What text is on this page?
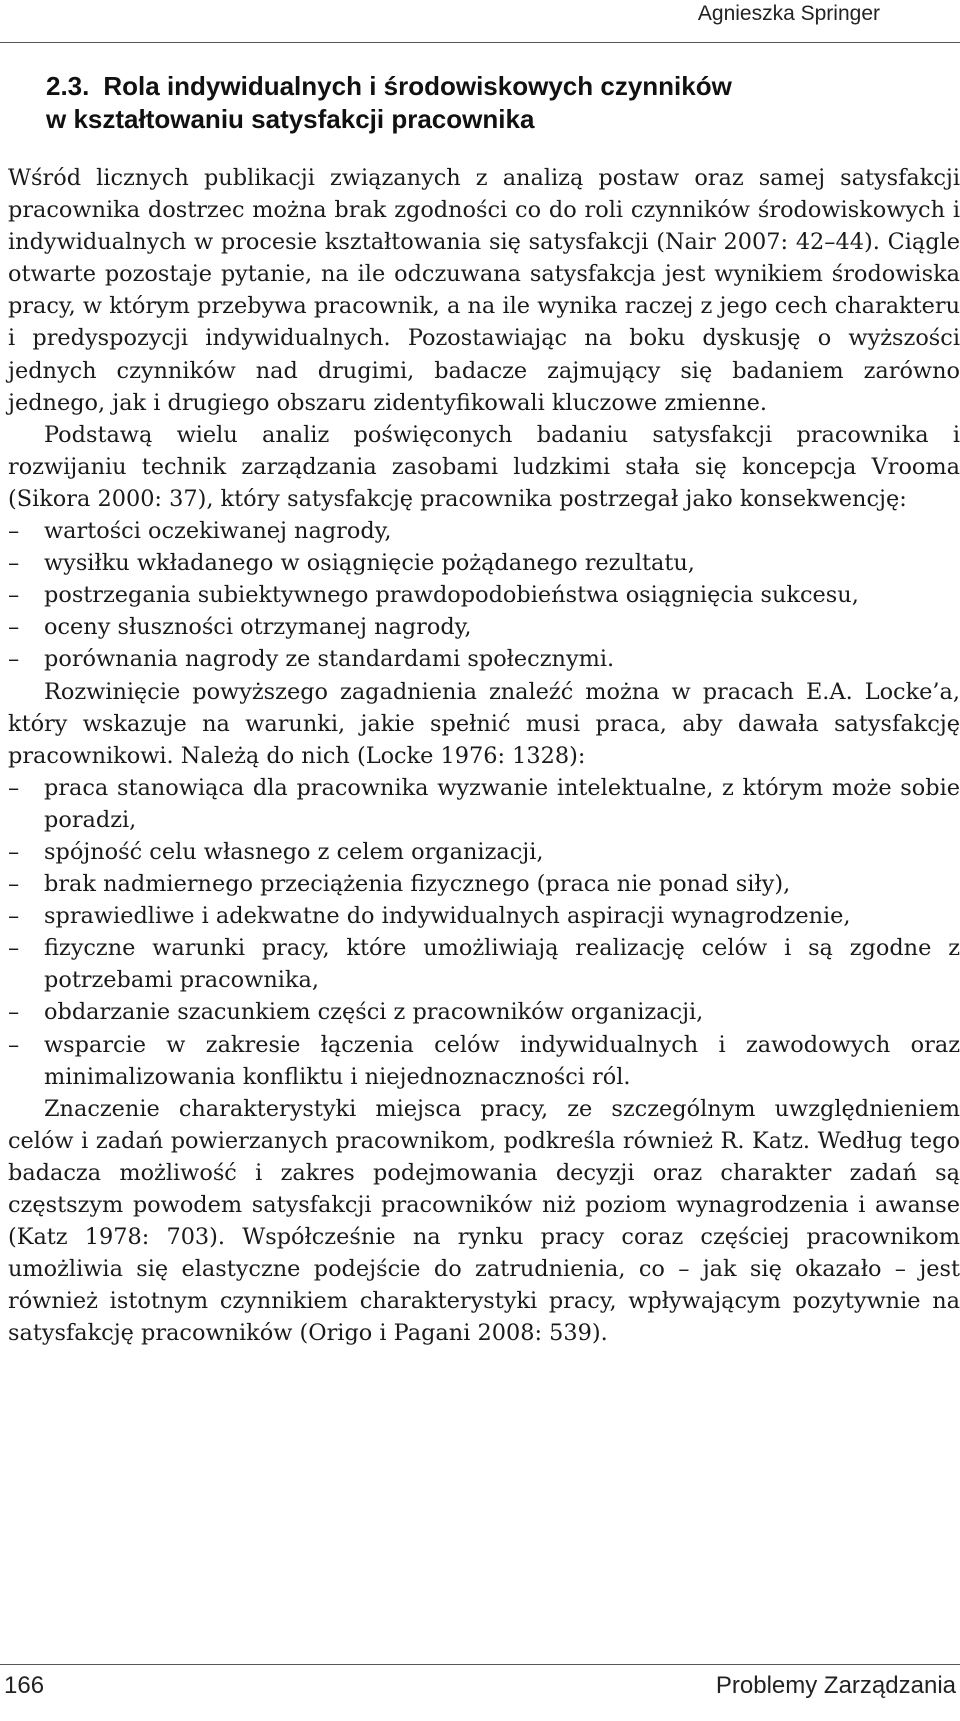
Agnieszka Springer
2.3. Rola indywidualnych i środowiskowych czynników
w kształtowaniu satysfakcji pracownika

Wśród licznych publikacji związanych z analizą postaw oraz samej satysfakcji pracownika dostrzec można brak zgodności co do roli czynników środowiskowych i indywidualnych w procesie kształtowania się satysfakcji (Nair 2007: 42–44). Ciągle otwarte pozostaje pytanie, na ile odczuwana satysfakcja jest wynikiem środowiska pracy, w którym przebywa pracownik, a na ile wynika raczej z jego cech charakteru i predyspozycji indywidualnych. Pozostawiając na boku dyskusję o wyższości jednych czynników nad drugimi, badacze zajmujący się badaniem zarówno jednego, jak i drugiego obszaru zidentyfikowali kluczowe zmienne.

Podstawą wielu analiz poświęconych badaniu satysfakcji pracownika i rozwijaniu technik zarządzania zasobami ludzkimi stała się koncepcja Vrooma (Sikora 2000: 37), który satysfakcję pracownika postrzegał jako konsekwencję:

– wartości oczekiwanej nagrody,
– wysiłku wkładanego w osiągnięcie pożądanego rezultatu,
– postrzegania subiektywnego prawdopodobieństwa osiągnięcia sukcesu,
– oceny słuszności otrzymanej nagrody,
– porównania nagrody ze standardami społecznymi.

Rozwinięcie powyższego zagadnienia znaleźć można w pracach E.A. Locke’a, który wskazuje na warunki, jakie spełnić musi praca, aby dawała satysfakcję pracownikowi. Należą do nich (Locke 1976: 1328):

– praca stanowiąca dla pracownika wyzwanie intelektualne, z którym może sobie poradzi,
– spójność celu własnego z celem organizacji,
– brak nadmiernego przeciążenia fizycznego (praca nie ponad siły),
– sprawiedliwe i adekwatne do indywidualnych aspiracji wynagrodzenie,
– fizyczne warunki pracy, które umożliwiają realizację celów i są zgodne z potrzebami pracownika,
– obdarzanie szacunkiem części z pracowników organizacji,
– wsparcie w zakresie łączenia celów indywidualnych i zawodowych oraz minimalizowania konfliktu i niejednoznaczności ról.

Znaczenie charakterystyki miejsca pracy, ze szczególnym uwzględnieniem celów i zadań powierzanych pracownikom, podkreśla również R. Katz. Według tego badacza możliwość i zakres podejmowania decyzji oraz charakter zadań są częstszym powodem satysfakcji pracowników niż poziom wynagrodzenia i awanse (Katz 1978: 703). Współcześnie na rynku pracy coraz częściej pracownikom umożliwia się elastyczne podejście do zatrudnienia, co – jak się okazało – jest również istotnym czynnikiem charakterystyki pracy, wpływającym pozytywnie na satysfakcję pracowników (Origo i Pagani 2008: 539).

166	Problemy Zarządzania
